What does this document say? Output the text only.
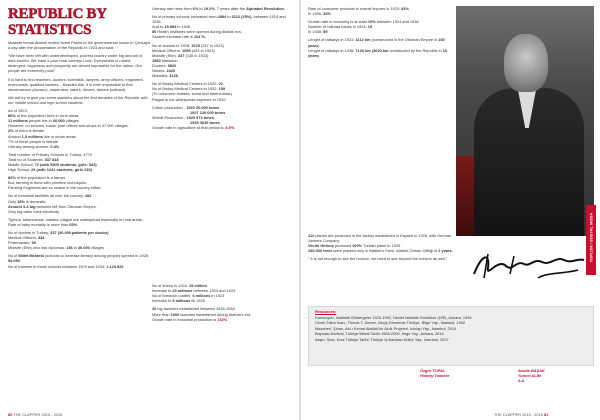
REPUBLIC BY STATISTICS

Mustafa Kemal Atatürk invited Ismet Pasha to the governmental house in Çankaya a day after the proclamation of the Republic in 1923 and said:

"We have been left with underdeveloped, poorest country under big amount of dept burden. We have a poor rural country! Look. Everywhere is ruined, destroyed; happiness and prosperity are almost impossible for the nation. Our people are extremely poor!"

It is hard to find teachers, doctors, scientists, lawyers, army officers, engineers, economists, qualified farmers... Besides this, it is even impossible to find stonemasons (duvarcı), carpenters, tailors, drivers, farriers (nalbant).

We will try to give you some statistics about the first decades of the Republic with our middle school and high school students.

As of 1923,
80% of the population lives in rural areas.
11 millions people live in 40.000 villages.
However, no schools, roads, post offices and shops in 37.000 villages.
2% of them is literate
Around 1,5 millions live in urban areas
7% of these people is literate
Literacy among women: 0.4%

Total number of Primary Schools in Turkey: 4770
Total no of Students: 337 818
Middle School: 72 (with 5905 students, girls: 543)
High School: 23 (with 1241 students, girls 230)

82% of the population is a farmer.
But, farming is done with primitive techniques,
Farming Engineers are so scarce in the country either.

No of industrial facilities all over the country: 282
Only 15% is domestic.
Around 3-4 big factories left from Ottoman Empire.
Only big cities have electricity.

Typhus, tuberculosis, malaria, plague are widespread especially in rural areas.
Rate of baby mortality is more than 60%

No of doctors in Turkey: 337 (30.000 patients per doctor)
Medical Officers: 334
Pharmacists: 60
Midwife (Ebe) who has diplomas: 136 in 40.000 villages

No of Millet Mektebi (schools to increase literacy among people) opened in 1928: 54.050
No of trainees in those schools between 1929 and 1934: 1.124.926

Literacy rate rises from 6% to 19.2%, 7 years after the Alphabet Revolution.

No of primary schools increased from 4894 to 6112 (25%), between 1924 and 1936,
And to 15.893 in 1946
80 Health Institutes were opened during Atatürk era.
Student increase rate is 114 %.

No of doctors in 1928: 1078 (337 in 1923)
Medical Officers: 1059 (434 in 1923)
Midwife (Ebe): 337 (136 in 1923)
1960 statistics:
Doctors: 9820
Nurses: 2420
Midwifes: 3126

No of Boday Medical Centers in 1922: 22
No of Boday Medical Centers in 1932: 159
(To overcome malaria, soma and tuberculosis)
Plague is not widespread anymore in 1932.

Cotton production - 1920 20.000 tones
1927 120.000 tones
Wheat Production - 1923 972 tones
1939 3636 tones
Growth rate in agriculture at that period is: 8.9%

No of sheep in 1924: 15 million
Increase to 23 millions between 1923 and 1929
No of livestock (cattle): 6 millions in 1923
Increase to 9 millions till 1929

26 big factories established between 1926-1938
More than 1000 factories established during Atatürk's era
Growth rate in industrial production is 152%

Rate of consumer products in overall imports in 1923: 81%
In 1936: 36%

Growth rate in economy is at least 10% between 1924 and 1938
Number of railroad banks in 1924: 19
In 1938: 89

Lenght of railways in 1923: 4112 km (constructed in the Ottoman Empire in 150 years)
Lenght of railways in 1938: 7126 km (3020 km constructed by the Republic in 10 years)

112 planes are produced in the factory established in Kayseri in 1926, with German Junkers Company.
Vecihi Hürkuş produced 100% Turkish plane in 1925.
150.000 trees were planted only in Atatürk's Farm, Atatürk Orman Çiftliği in 2 years.

" It is not enough to see the horizon, we need to see beyond the horizon as well."	TOPLUM / SOSYAL MODA
Resources:
Kamuoyon, İstatistik Göstergeler 1923-1992, Devlet İstatistik Enstitüsü (DİE), Ankara, 1994
Cemil Sıtkılı İnanı, Tümok T. Ahmet, Geçiş Dönemde Türkiye, Bilge Yay., İstanbul, 1992
Mazaheri, Şinan, Akl-ı Kemal Atatürk'ün Akıllı Projeleri, İnkılap Yay., İstanbul, 2014
Baysdav,Kadival, Türkiye İktisat Tarihi 1908-2009, İmge Yay., Ankara, 2014
Akşin, Sina, Kısa Türkiye Tarihi, Türkiye İş Bankası Kültür Yay., İstanbul, 2007
Özgür TOPAL
History Teacher
Asude BAŞAK
Tuncel ALIM
4-A
80 THE CLAPPER 2015 - 2016	THE CLAPPER 2015 - 2016 81
